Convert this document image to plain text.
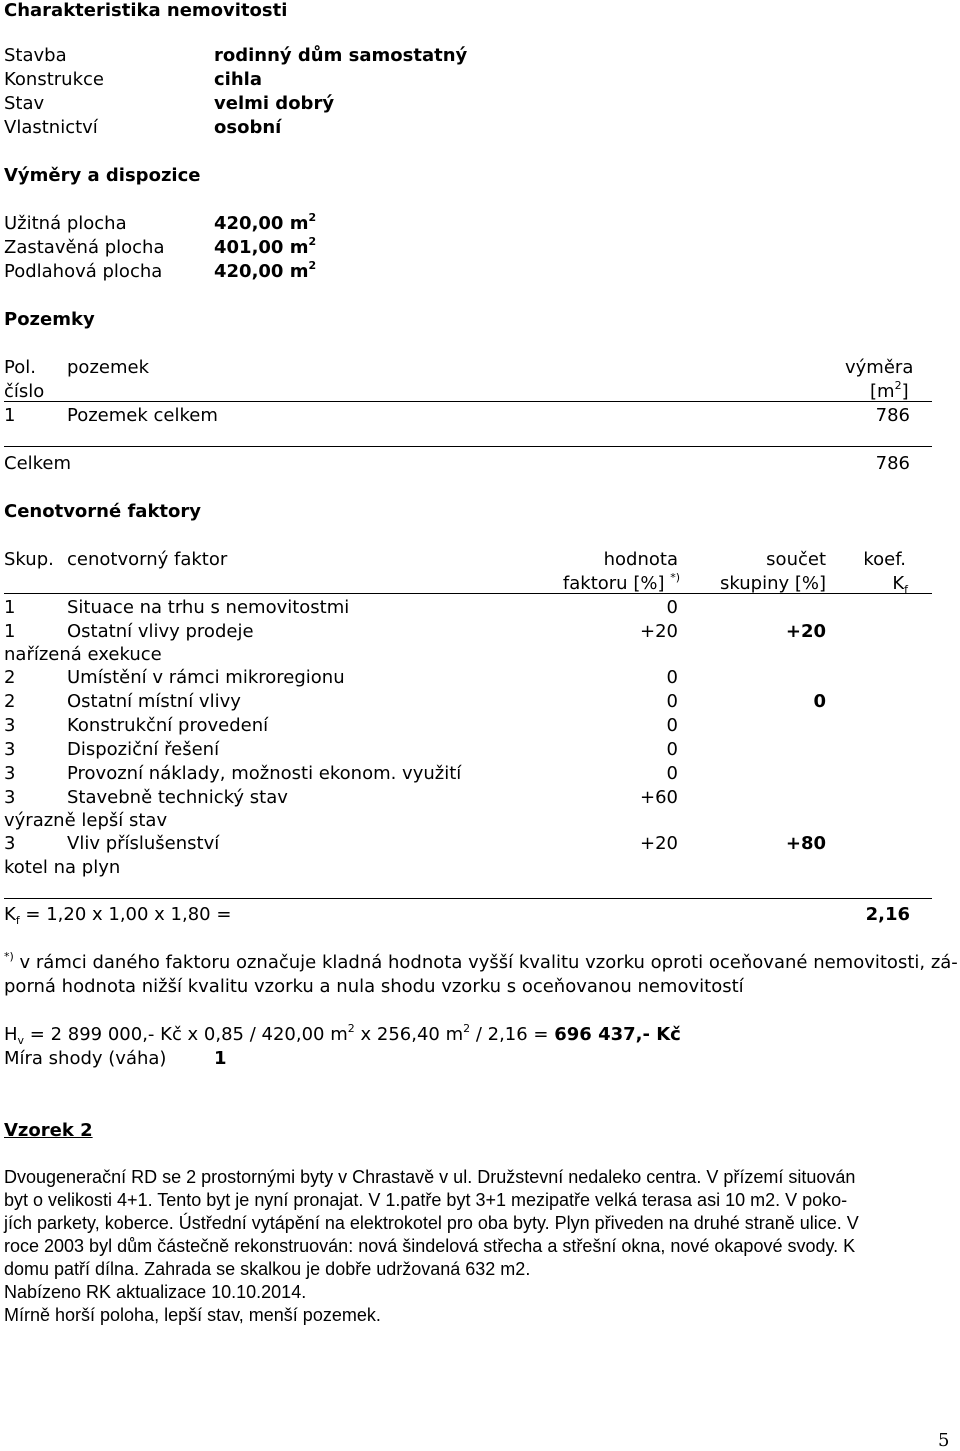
Charakteristika nemovitosti
Stavba	rodinný dům samostatný
Konstrukce	cihla
Stav	velmi dobrý
Vlastnictví	osobní
Výměry a dispozice
Užitná plocha	420,00 $m^2$
Zastavěná plocha	401,00 $m^2$
Podlahová plocha	420,00 $m^2$
Pozemky
Pol. pozemek	výměra
číslo	$[m^2]$
1	Pozemek celkem	786
Celkem	786
Cenotvorné faktory
Skup. cenotvorný faktor	hodnota	součet	koef.
faktoru [%] *)	skupiny [%]	$K_f$
1	Situace na trhu s nemovitostmi	0
1	Ostatní vlivy prodeje	+20	+20
nařízená exekuce
2	Umístění v rámci mikroregionu	0
2	Ostatní místní vlivy	0	0
3	Konstrukční provedení	0
3	Dispoziční řešení	0
3	Provozní náklady, možnosti ekonom. využití	0
3	Stavebně technický stav	+60
výrazně lepší stav
3	Vliv příslušenství	+20	+80
kotel na plyn
$K_f = 1,20$ x 1,00 x 1,80 =	2,16
*) v rámci daného faktoru označuje kladná hodnota vyšší kvalitu vzorku oproti oceňované nemovitosti, zá-
porná hodnota nižší kvalitu vzorku a nula shodu vzorku s oceňovanou nemovitostí
$H_v = 2$ 899 000,- Kč x 0,85 / 420,00 $m^2$ x 256,40 $m^2 / 2,16 = 696$ 437,- Kč
Míra shody (váha)	1
Vzorek 2
Dvougenerační RD se 2 prostornými byty v Chrastavě v ul. Družstevní nedaleko centra. V přízemí situován
byt o velikosti 4+1. Tento byt je nyní pronajat. V 1.patře byt 3+1 mezipatře velká terasa asi 10 m2. V poko-
jích parkety, koberce. Ústřední vytápění na elektrokotel pro oba byty. Plyn přiveden na druhé straně ulice. V
roce 2003 byl dům částečně rekonstruován: nová šindelová střecha a střešní okna, nové okapové svody. K
domu patří dílna. Zahrada se skalkou je dobře udržovaná 632 m2.
Nabízeno RK aktualizace 10.10.2014.
Mírně horší poloha, lepší stav, menší pozemek.
5
